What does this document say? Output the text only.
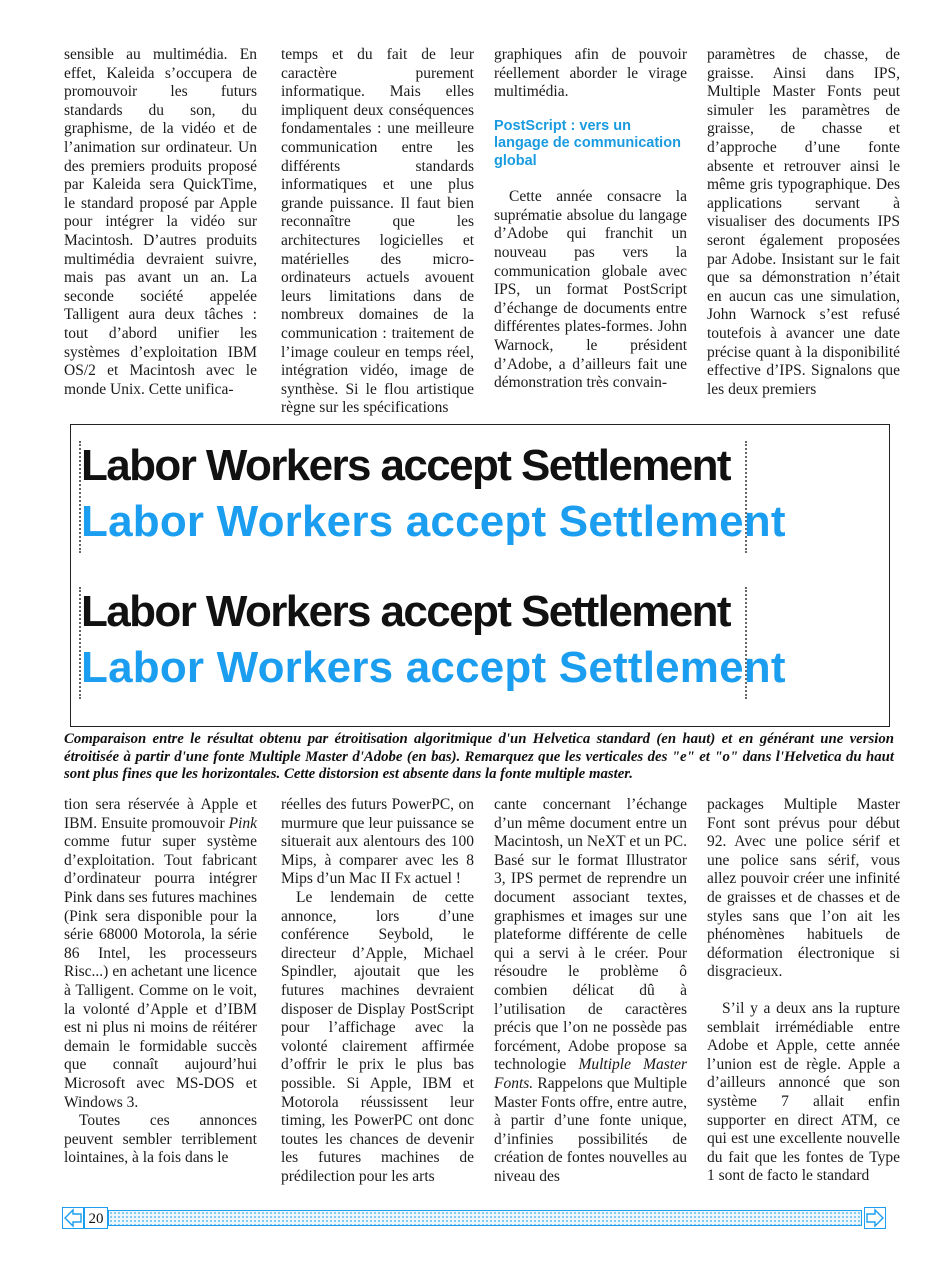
sensible au multimédia. En effet, Kaleida s’occupera de promouvoir les futurs standards du son, du graphisme, de la vidéo et de l’animation sur ordinateur. Un des premiers produits proposé par Kaleida sera QuickTime, le standard proposé par Apple pour intégrer la vidéo sur Macintosh. D’autres produits multimédia devraient suivre, mais pas avant un an. La seconde société appelée Talligent aura deux tâches : tout d’abord unifier les systèmes d’exploitation IBM OS/2 et Macintosh avec le monde Unix. Cette unifica-

temps et du fait de leur caractère purement informatique. Mais elles impliquent deux conséquences fondamentales : une meilleure communication entre les différents standards informatiques et une plus grande puissance. Il faut bien reconnaître que les architectures logicielles et matérielles des micro-ordinateurs actuels avouent leurs limitations dans de nombreux domaines de la communication : traitement de l’image couleur en temps réel, intégration vidéo, image de synthèse. Si le flou artistique règne sur les spécifications

graphiques afin de pouvoir réellement aborder le virage multimédia.

PostScript : vers un langage de communication global

Cette année consacre la suprématie absolue du langage d’Adobe qui franchit un nouveau pas vers la communication globale avec IPS, un format PostScript d’échange de documents entre différentes plates-formes. John Warnock, le président d’Adobe, a d’ailleurs fait une démonstration très convain-

paramètres de chasse, de graisse. Ainsi dans IPS, Multiple Master Fonts peut simuler les paramètres de graisse, de chasse et d’approche d’une fonte absente et retrouver ainsi le même gris typographique. Des applications servant à visualiser des documents IPS seront également proposées par Adobe. Insistant sur le fait que sa démonstration n’était en aucun cas une simulation, John Warnock s’est refusé toutefois à avancer une date précise quant à la disponibilité effective d’IPS. Signalons que les deux premiers

Labor Workers accept Settlement
Labor Workers accept Settlement
Labor Workers accept Settlement
Labor Workers accept Settlement
Comparaison entre le résultat obtenu par étroitisation algoritmique d'un Helvetica standard (en haut) et en générant une version étroitisée à partir d'une fonte Multiple Master d'Adobe (en bas). Remarquez que les verticales des "e" et "o" dans l'Helvetica du haut sont plus fines que les horizontales. Cette distorsion est absente dans la fonte multiple master.

tion sera réservée à Apple et IBM. Ensuite promouvoir Pink comme futur super système d’exploitation. Tout fabricant d’ordinateur pourra intégrer Pink dans ses futures machines (Pink sera disponible pour la série 68000 Motorola, la série 86 Intel, les processeurs Risc...) en achetant une licence à Talligent. Comme on le voit, la volonté d’Apple et d’IBM est ni plus ni moins de réitérer demain le formidable succès que connaît aujourd’hui Microsoft avec MS-DOS et Windows 3.

Toutes ces annonces peuvent sembler terriblement lointaines, à la fois dans le

réelles des futurs PowerPC, on murmure que leur puissance se situerait aux alentours des 100 Mips, à comparer avec les 8 Mips d’un Mac II Fx actuel !

Le lendemain de cette annonce, lors d’une conférence Seybold, le directeur d’Apple, Michael Spindler, ajoutait que les futures machines devraient disposer de Display PostScript pour l’affichage avec la volonté clairement affirmée d’offrir le prix le plus bas possible. Si Apple, IBM et Motorola réussissent leur timing, les PowerPC ont donc toutes les chances de devenir les futures machines de prédilection pour les arts

cante concernant l’échange d’un même document entre un Macintosh, un NeXT et un PC. Basé sur le format Illustrator 3, IPS permet de reprendre un document associant textes, graphismes et images sur une plateforme différente de celle qui a servi à le créer. Pour résoudre le problème ô combien délicat dû à l’utilisation de caractères précis que l’on ne possède pas forcément, Adobe propose sa technologie Multiple Master Fonts. Rappelons que Multiple Master Fonts offre, entre autre, à partir d’une fonte unique, d’infinies possibilités de création de fontes nouvelles au niveau des

packages Multiple Master Font sont prévus pour début 92. Avec une police sérif et une police sans sérif, vous allez pouvoir créer une infinité de graisses et de chasses et de styles sans que l’on ait les phénomènes habituels de déformation électronique si disgracieux.

S’il y a deux ans la rupture semblait irrémédiable entre Adobe et Apple, cette année l’union est de règle. Apple a d’ailleurs annoncé que son système 7 allait enfin supporter en direct ATM, ce qui est une excellente nouvelle du fait que les fontes de Type 1 sont de facto le standard

20
